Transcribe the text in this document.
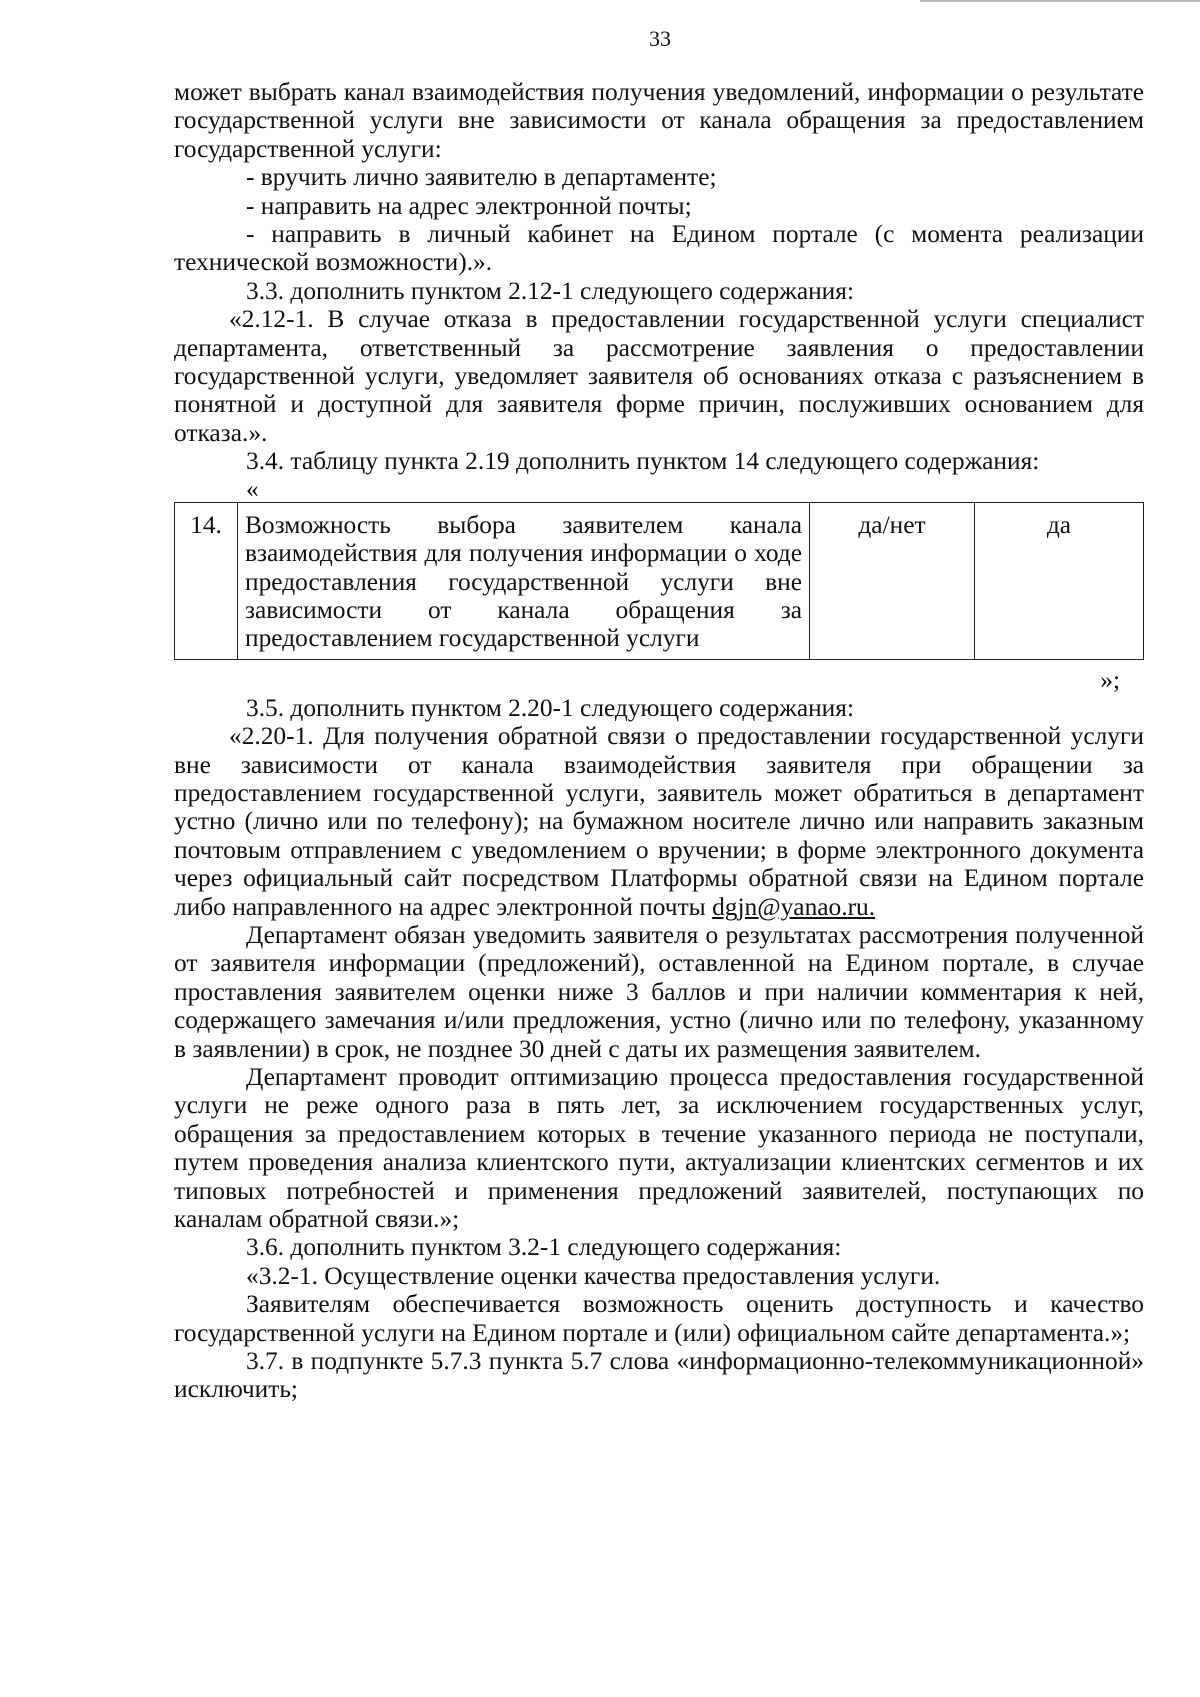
33

может выбрать канал взаимодействия получения уведомлений, информации о результате государственной услуги вне зависимости от канала обращения за предоставлением государственной услуги:

- вручить лично заявителю в департаменте;

- направить на адрес электронной почты;

- направить в личный кабинет на Едином портале (с момента реализации технической возможности).».

3.3. дополнить пунктом 2.12-1 следующего содержания:

«2.12-1. В случае отказа в предоставлении государственной услуги специалист департамента, ответственный за рассмотрение заявления о предоставлении государственной услуги, уведомляет заявителя об основаниях отказа с разъяснением в понятной и доступной для заявителя форме причин, послуживших основанием для отказа.».

3.4. таблицу пункта 2.19 дополнить пунктом 14 следующего содержания:

«

14.	Возможность выбора заявителем канала взаимодействия для получения информации о ходе предоставления государственной услуги вне зависимости от канала обращения за предоставлением государственной услуги	да/нет	да

»;

3.5. дополнить пунктом 2.20-1 следующего содержания:

«2.20-1. Для получения обратной связи о предоставлении государственной услуги вне зависимости от канала взаимодействия заявителя при обращении за предоставлением государственной услуги, заявитель может обратиться в департамент устно (лично или по телефону); на бумажном носителе лично или направить заказным почтовым отправлением с уведомлением о вручении; в форме электронного документа через официальный сайт посредством Платформы обратной связи на Едином портале либо направленного на адрес электронной почты dgjn@yanao.ru.

Департамент обязан уведомить заявителя о результатах рассмотрения полученной от заявителя информации (предложений), оставленной на Едином портале, в случае проставления заявителем оценки ниже 3 баллов и при наличии комментария к ней, содержащего замечания и/или предложения, устно (лично или по телефону, указанному в заявлении) в срок, не позднее 30 дней с даты их размещения заявителем.

Департамент проводит оптимизацию процесса предоставления государственной услуги не реже одного раза в пять лет, за исключением государственных услуг, обращения за предоставлением которых в течение указанного периода не поступали, путем проведения анализа клиентского пути, актуализации клиентских сегментов и их типовых потребностей и применения предложений заявителей, поступающих по каналам обратной связи.»;

3.6. дополнить пунктом 3.2-1 следующего содержания:

«3.2-1. Осуществление оценки качества предоставления услуги.

Заявителям обеспечивается возможность оценить доступность и качество государственной услуги на Едином портале и (или) официальном сайте департамента.»;

3.7. в подпункте 5.7.3 пункта 5.7 слова «информационно-телекоммуникационной» исключить;
